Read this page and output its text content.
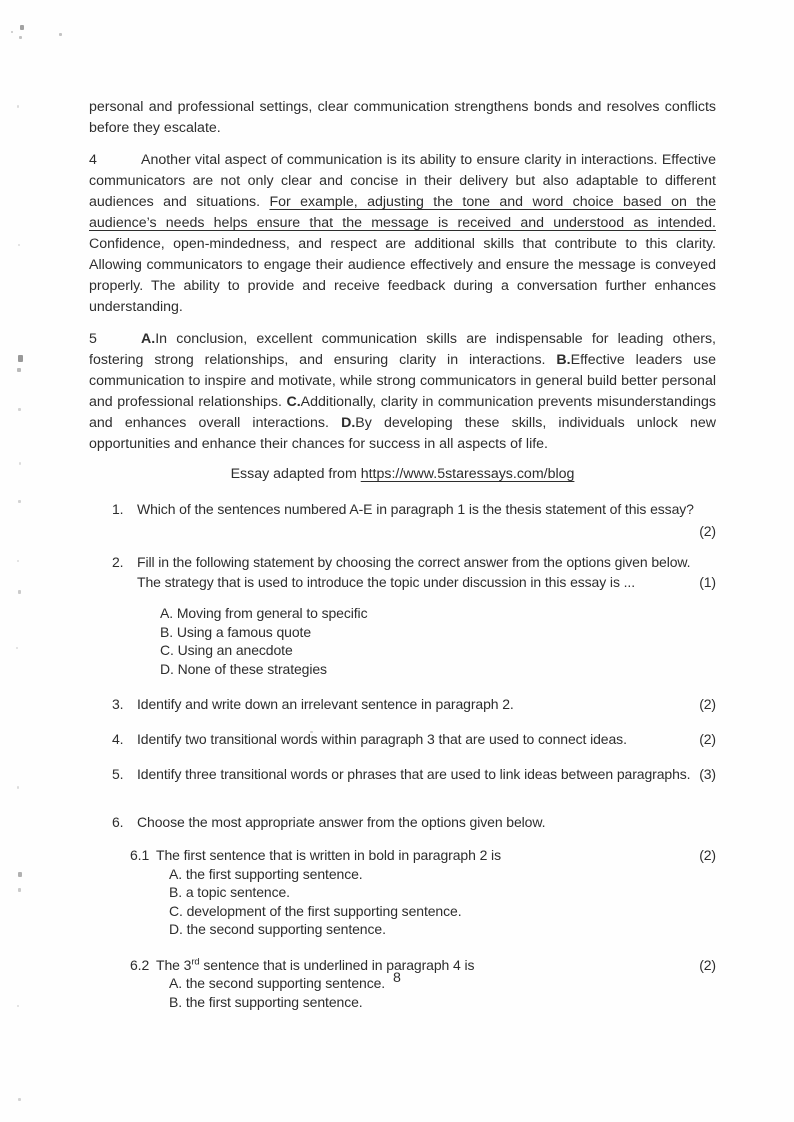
personal and professional settings, clear communication strengthens bonds and resolves conflicts before they escalate.

4	Another vital aspect of communication is its ability to ensure clarity in interactions. Effective communicators are not only clear and concise in their delivery but also adaptable to different audiences and situations. For example, adjusting the tone and word choice based on the audience’s needs helps ensure that the message is received and understood as intended. Confidence, open-mindedness, and respect are additional skills that contribute to this clarity. Allowing communicators to engage their audience effectively and ensure the message is conveyed properly. The ability to provide and receive feedback during a conversation further enhances understanding.

5	A.In conclusion, excellent communication skills are indispensable for leading others, fostering strong relationships, and ensuring clarity in interactions. B.Effective leaders use communication to inspire and motivate, while strong communicators in general build better personal and professional relationships. C.Additionally, clarity in communication prevents misunderstandings and enhances overall interactions. D.By developing these skills, individuals unlock new opportunities and enhance their chances for success in all aspects of life.

Essay adapted from https://www.5staressays.com/blog
1. Which of the sentences numbered A-E in paragraph 1 is the thesis statement of this essay?
(2)
2. Fill in the following statement by choosing the correct answer from the options given below.
The strategy that is used to introduce the topic under discussion in this essay is ...	(1)
A. Moving from general to specific
B. Using a famous quote
C. Using an anecdote
D. None of these strategies
3. Identify and write down an irrelevant sentence in paragraph 2.	(2)
4. Identify two transitional words within paragraph 3 that are used to connect ideas.	(2)
5. Identify three transitional words or phrases that are used to link ideas between paragraphs. (3)
6. Choose the most appropriate answer from the options given below.
6.1 The first sentence that is written in bold in paragraph 2 is	(2)
A. the first supporting sentence.
B. a topic sentence.
C. development of the first supporting sentence.
D. the second supporting sentence.
6.2 The 3rd sentence that is underlined in paragraph 4 is	(2)
A. the second supporting sentence.
B. the first supporting sentence.
8
